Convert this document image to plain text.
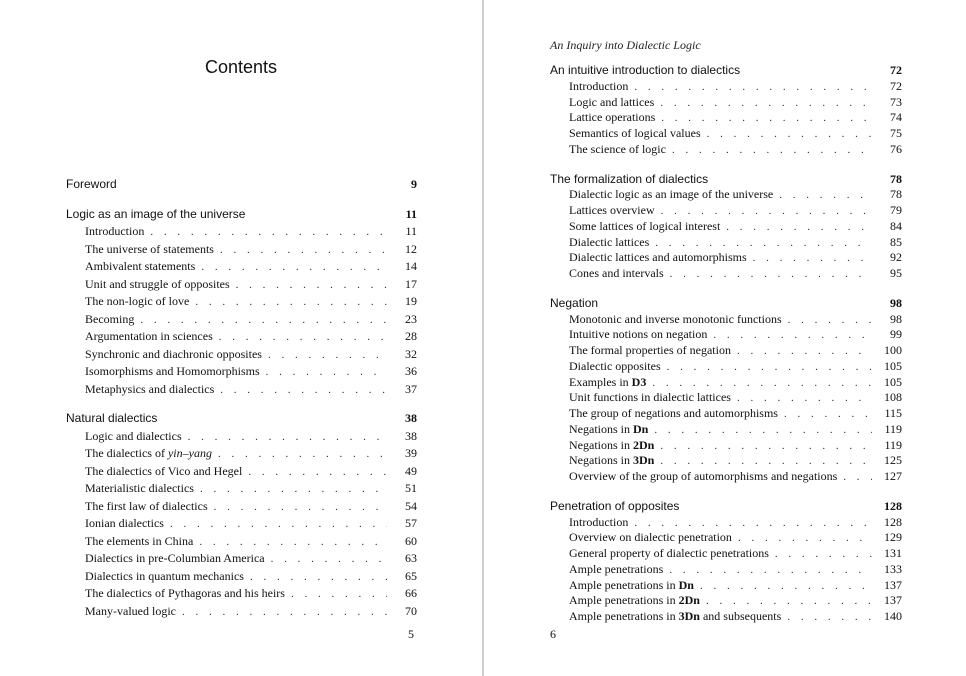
Contents
An Inquiry into Dialectic Logic
Foreword	9
Logic as an image of the universe	11
Introduction . . .	11
The universe of statements . . .	12
Ambivalent statements . . .	14
Unit and struggle of opposites . . .	17
The non-logic of love . . .	19
Becoming . . .	23
Argumentation in sciences . . .	28
Synchronic and diachronic opposites . . .	32
Isomorphisms and Homomorphisms . . .	36
Metaphysics and dialectics . . .	37
Natural dialectics	38
Logic and dialectics . . .	38
The dialectics of yin–yang . . .	39
The dialectics of Vico and Hegel . . .	49
Materialistic dialectics . . .	51
The first law of dialectics . . .	54
Ionian dialectics . . .	57
The elements in China . . .	60
Dialectics in pre-Columbian America . . .	63
Dialectics in quantum mechanics . . .	65
The dialectics of Pythagoras and his heirs . . .	66
Many-valued logic . . .	70
An intuitive introduction to dialectics	72
Introduction . . .	72
Logic and lattices . . .	73
Lattice operations . . .	74
Semantics of logical values . . .	75
The science of logic . . .	76
The formalization of dialectics	78
Dialectic logic as an image of the universe . . .	78
Lattices overview . . .	79
Some lattices of logical interest . . .	84
Dialectic lattices . . .	85
Dialectic lattices and automorphisms . . .	92
Cones and intervals . . .	95
Negation	98
Monotonic and inverse monotonic functions . . .	98
Intuitive notions on negation . . .	99
The formal properties of negation . . .	100
Dialectic opposites . . .	105
Examples in D3 . . .	105
Unit functions in dialectic lattices . . .	108
The group of negations and automorphisms . . .	115
Negations in Dn . . .	119
Negations in 2Dn . . .	119
Negations in 3Dn . . .	125
Overview of the group of automorphisms and negations . . .	127
Penetration of opposites	128
Introduction . . .	128
Overview on dialectic penetration . . .	129
General property of dialectic penetrations . . .	131
Ample penetrations . . .	133
Ample penetrations in Dn . . .	137
Ample penetrations in 2Dn . . .	137
Ample penetrations in 3Dn and subsequents . . .	140
5	6
